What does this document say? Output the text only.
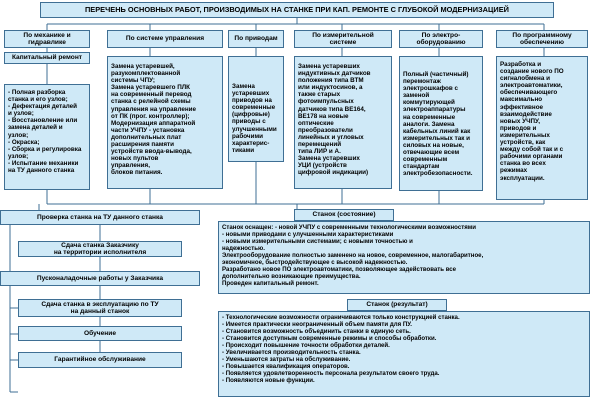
ПЕРЕЧЕНЬ ОСНОВНЫХ РАБОТ, ПРОИЗВОДИМЫХ НА СТАНКЕ ПРИ КАП. РЕМОНТЕ С ГЛУБОКОЙ МОДЕРНИЗАЦИЕЙ
По механике и
гидравлике
По системе управления	По приводам
По измерительной
системе
По электро-
оборудованию
По программному
обеспечению
Капитальный ремонт
- Полная разборка
станка и его узлов;
- Дефектация деталей
и узлов;
- Восстановление или
замена деталей и
узлов;
- Окраска;
- Сборка и регулировка
узлов;
- Испытание механики
на ТУ данного станка
Замена устаревшей,
разукомплектованной
системы ЧПУ;
Замена устаревшего ПЛК
на современный перевод
станка с релейной схемы
управления на управление
от ПК (прог. контроллер);
Модернизация аппаратной
части УЧПУ - установка
дополнительных плат
расширения памяти
устройств ввода-вывода,
новых пультов
управления,
блоков питания.
Замена
устаревших
приводов на
современные
(цифровые)
приводы с
улучшенными
рабочими
характерис-
тиками
Замена устаревших
индуктивных датчиков
положения типа ВТМ
или индуктосинов, а
также старых
фотоимпульсных
датчиков типа ВЕ164,
ВЕ178 на новые
оптические
преобразователи
линейных и угловых
перемещений
типа ЛИР и А.
Замена устаревших
УЦИ (устройств
цифровой индикации)
Полный (частичный)
перемонтаж
электрошкафов с
заменой
коммутирующей
электроаппаратуры
на современные
аналоги. Замена
кабельных линий как
измерительных так и
силовых на новые,
отвечающие всем
современным
стандартам
электробезопасности.
Разработка и
создание нового ПО
сигналобмена и
электроавтоматики,
обеспечивающего
максимально
эффективное
взаимодействие
новых УЧПУ,
приводов и
измерительных
устройств, как
между собой так и с
рабочими органами
станка во всех
режимах
эксплуатации.
Проверка станка на ТУ данного станка
Сдача станка Заказчику
на территории исполнителя
Пусконаладочные работы у Заказчика
Сдача станка в эксплуатацию по ТУ
на данный станок
Обучение
Гарантийное обслуживание
Станок (состояние)
Станок оснащен: - новой УЧПУ с современными технологическими возможностями
- новыми приводами с улучшенными характеристиками
- новыми измерительными системами; с новыми точностью и
надежностью.
Электрооборудование полностью заменено на новое, современное, малогабаритное,
экономичное, быстродействующее с высокой надежностью.
Разработано новое ПО электроавтоматики, позволяющее задействовать все
дополнительно возникающие преимущества.
Проведен капитальный ремонт.
Станок (результат)
- Технологические возможности ограничиваются только конструкцией станка.
- Имеется практически неограниченный объем памяти для ПУ.
- Становится возможность объединить станки в единую сеть.
- Становится доступным современные режимы и способы обработки.
- Происходит повышение точности обработки деталей.
- Увеличивается производительность станка.
- Уменьшаются затраты на обслуживание.
- Повышается квалификация операторов.
- Появляется удовлетворенность персонала результатом своего труда.
- Появляются новые функции.
